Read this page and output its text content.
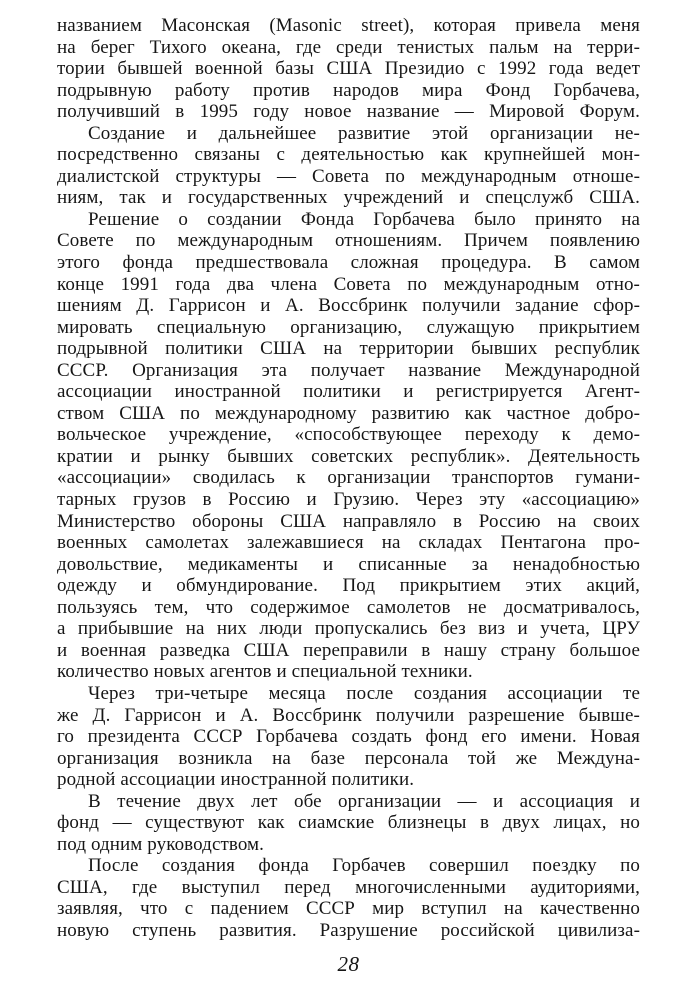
названием Масонская (Masonic street), которая привела меня
на берег Тихого океана, где среди тенистых пальм на терри-
тории бывшей военной базы США Президио с 1992 года ведет
подрывную работу против народов мира Фонд Горбачева,
получивший в 1995 году новое название — Мировой Форум.
Создание и дальнейшее развитие этой организации не-
посредственно связаны с деятельностью как крупнейшей мон-
диалистской структуры — Совета по международным отноше-
ниям, так и государственных учреждений и спецслужб США.
Решение о создании Фонда Горбачева было принято на
Совете по международным отношениям. Причем появлению
этого фонда предшествовала сложная процедура. В самом
конце 1991 года два члена Совета по международным отно-
шениям Д. Гаррисон и А. Воссбринк получили задание сфор-
мировать специальную организацию, служащую прикрытием
подрывной политики США на территории бывших республик
СССР. Организация эта получает название Международной
ассоциации иностранной политики и регистрируется Агент-
ством США по международному развитию как частное добро-
вольческое учреждение, «способствующее переходу к демо-
кратии и рынку бывших советских республик». Деятельность
«ассоциации» сводилась к организации транспортов гумани-
тарных грузов в Россию и Грузию. Через эту «ассоциацию»
Министерство обороны США направляло в Россию на своих
военных самолетах залежавшиеся на складах Пентагона про-
довольствие, медикаменты и списанные за ненадобностью
одежду и обмундирование. Под прикрытием этих акций,
пользуясь тем, что содержимое самолетов не досматривалось,
а прибывшие на них люди пропускались без виз и учета, ЦРУ
и военная разведка США переправили в нашу страну большое
количество новых агентов и специальной техники.
Через три-четыре месяца после создания ассоциации те
же Д. Гаррисон и А. Воссбринк получили разрешение бывше-
го президента СССР Горбачева создать фонд его имени. Новая
организация возникла на базе персонала той же Междуна-
родной ассоциации иностранной политики.
В течение двух лет обе организации — и ассоциация и
фонд — существуют как сиамские близнецы в двух лицах, но
под одним руководством.
После создания фонда Горбачев совершил поездку по
США, где выступил перед многочисленными аудиториями,
заявляя, что с падением СССР мир вступил на качественно
новую ступень развития. Разрушение российской цивилиза-
28
